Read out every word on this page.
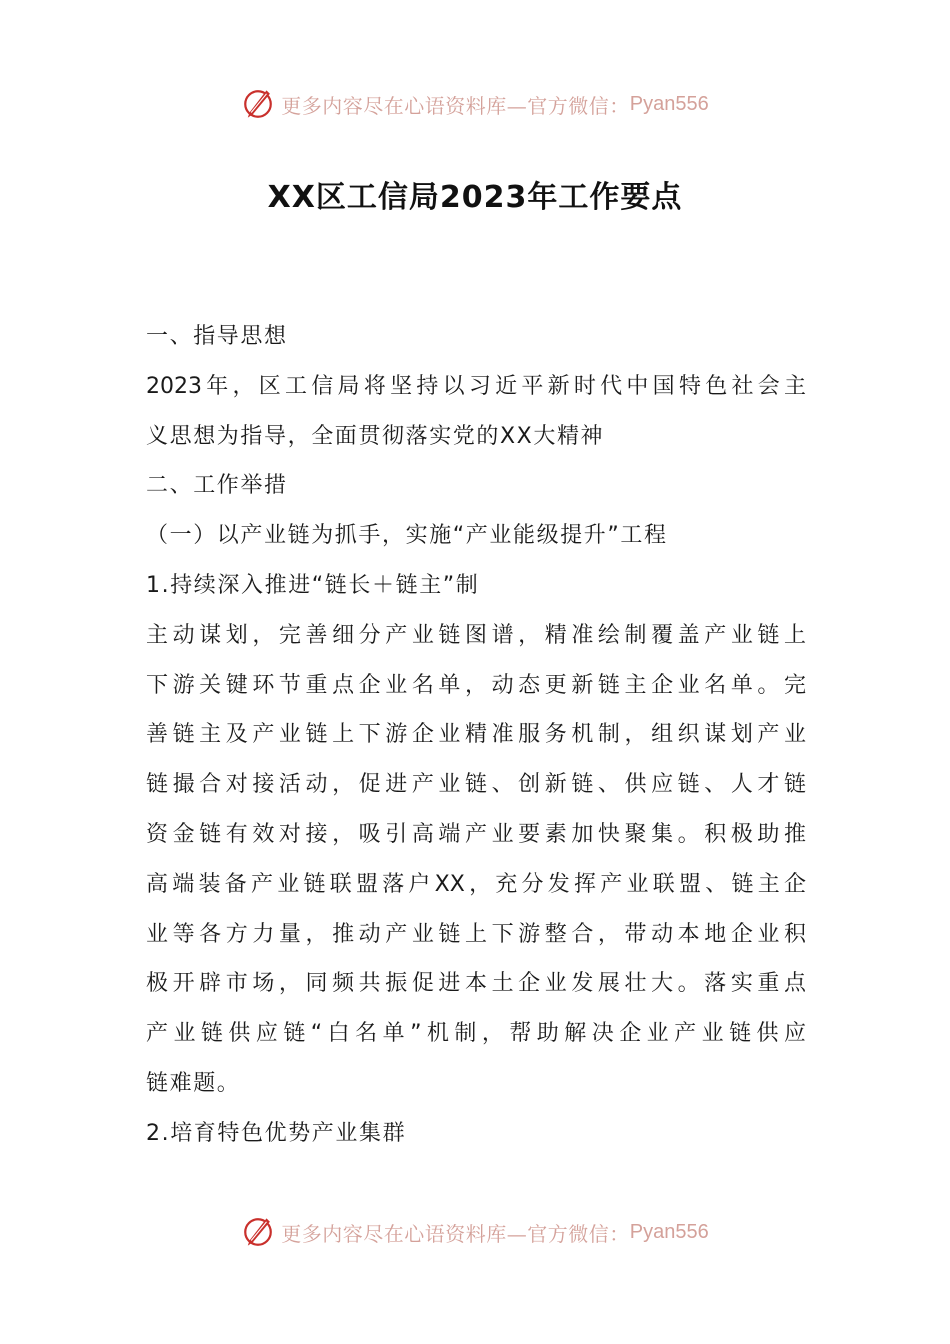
更多内容尽在心语资料库—官方微信： Pyan556
XX区工信局2023年工作要点

一、指导思想

2023年，区工信局将坚持以习近平新时代中国特色社会主

义思想为指导，全面贯彻落实党的XX大精神

二、工作举措

（一）以产业链为抓手，实施“产业能级提升”工程

1.持续深入推进“链长＋链主”制

主动谋划，完善细分产业链图谱，精准绘制覆盖产业链上

下游关键环节重点企业名单，动态更新链主企业名单。完

善链主及产业链上下游企业精准服务机制，组织谋划产业

链撮合对接活动，促进产业链、创新链、供应链、人才链

资金链有效对接，吸引高端产业要素加快聚集。积极助推

高端装备产业链联盟落户XX，充分发挥产业联盟、链主企

业等各方力量，推动产业链上下游整合，带动本地企业积

极开辟市场，同频共振促进本土企业发展壮大。落实重点

产业链供应链“白名单”机制，帮助解决企业产业链供应

链难题。

2.培育特色优势产业集群

更多内容尽在心语资料库—官方微信： Pyan556
